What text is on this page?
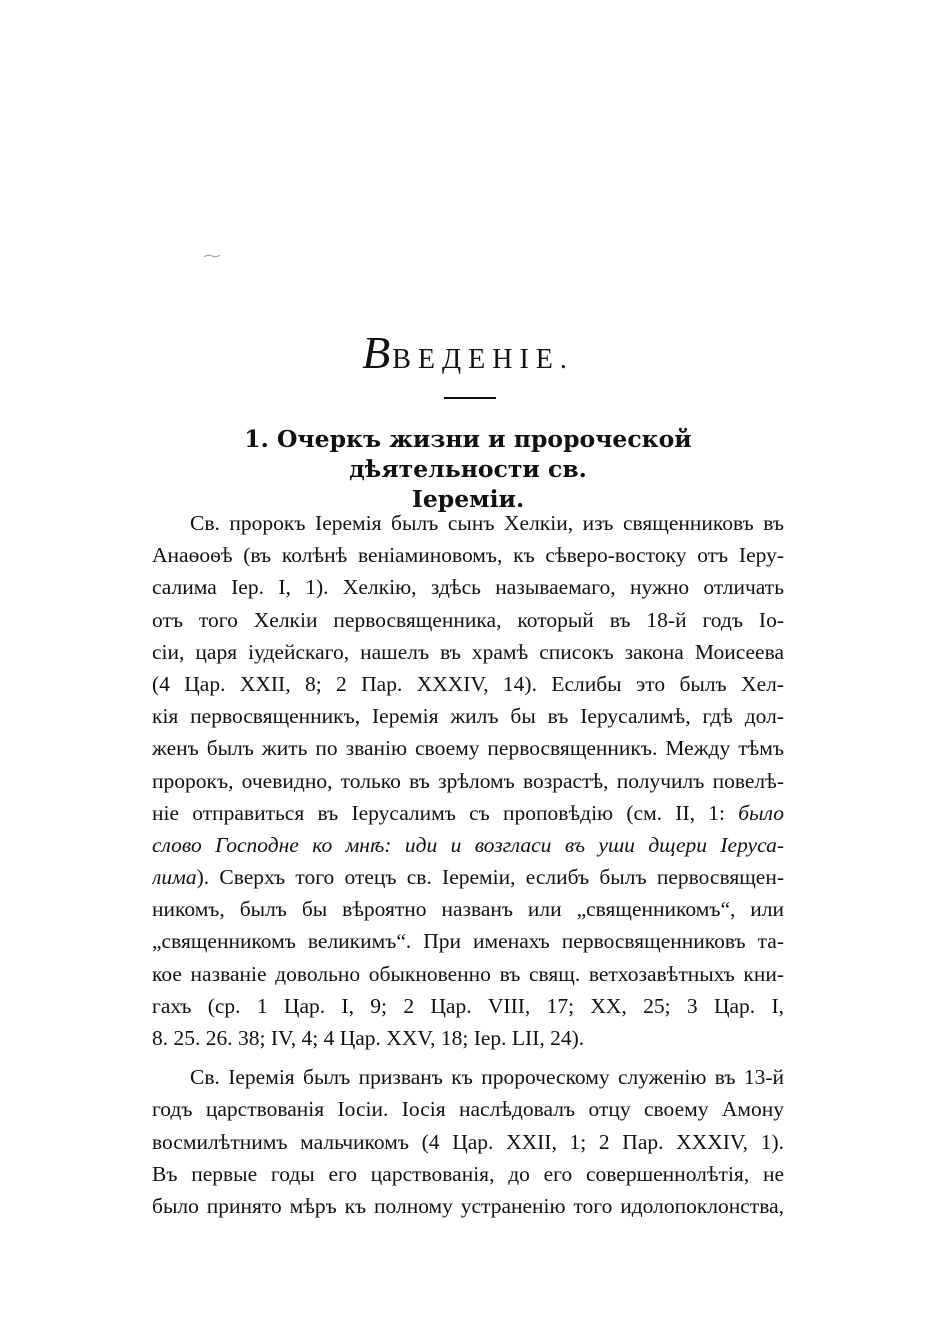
ВВЕДЕНІЕ.
1. Очеркъ жизни и пророческой дѣятельности св.
Іереміи.
Св. пророкъ Іеремія былъ сынъ Хелкіи, изъ священниковъ въ
Анаѳоѳѣ (въ колѣнѣ веніаминовомъ, къ сѣверо-востоку отъ Іеру-
салима Іер. I, 1). Хелкію, здѣсь называемаго, нужно отличать
отъ того Хелкіи первосвященника, который въ 18-й годъ Іо-
сіи, царя іудейскаго, нашелъ въ храмѣ списокъ закона Моисеева
(4 Цар. XXII, 8; 2 Пар. XXXIV, 14). Еслибы это былъ Хел-
кія первосвященникъ, Іеремія жилъ бы въ Іерусалимѣ, гдѣ дол-
женъ былъ жить по званію своему первосвященникъ. Между тѣмъ
пророкъ, очевидно, только въ зрѣломъ возрастѣ, получилъ повелѣ-
ніе отправиться въ Іерусалимъ съ проповѣдію (см. II, 1: было
слово Господне ко мнѣ: иди и возгласи въ уши дщери Іеруса-
лима). Сверхъ того отецъ св. Іереміи, еслибъ былъ первосвящен-
никомъ, былъ бы вѣроятно названъ или „священникомъ“, или
„священникомъ великимъ“. При именахъ первосвященниковъ та-
кое названіе довольно обыкновенно въ свящ. ветхозавѣтныхъ кни-
гахъ (ср. 1 Цар. I, 9; 2 Цар. VIII, 17; XX, 25; 3 Цар. I,
8. 25. 26. 38; IV, 4; 4 Цар. XXV, 18; Іер. LII, 24).
Св. Іеремія былъ призванъ къ пророческому служенію въ 13-й
годъ царствованія Іосіи. Іосія наслѣдовалъ отцу своему Амону
восмилѣтнимъ мальчикомъ (4 Цар. XXII, 1; 2 Пар. XXXIV, 1).
Въ первые годы его царствованія, до его совершеннолѣтія, не
было принято мѣръ къ полному устраненію того идолопоклонства,
